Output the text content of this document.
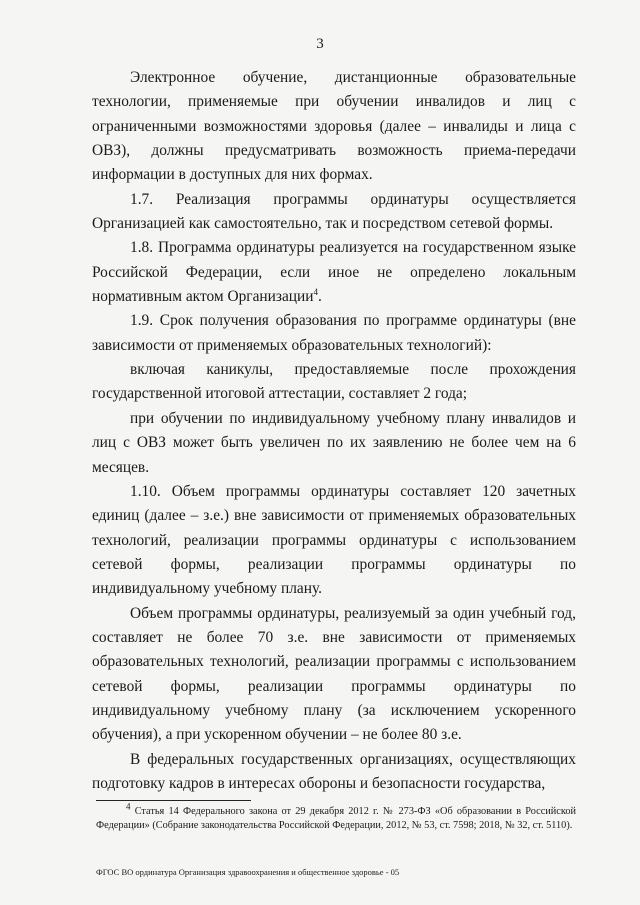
3

Электронное обучение, дистанционные образовательные технологии, применяемые при обучении инвалидов и лиц с ограниченными возможностями здоровья (далее – инвалиды и лица с ОВЗ), должны предусматривать возможность приема-передачи информации в доступных для них формах.

1.7. Реализация программы ординатуры осуществляется Организацией как самостоятельно, так и посредством сетевой формы.

1.8. Программа ординатуры реализуется на государственном языке Российской Федерации, если иное не определено локальным нормативным актом Организации$^4$.

1.9. Срок получения образования по программе ординатуры (вне зависимости от применяемых образовательных технологий):

включая каникулы, предоставляемые после прохождения государственной итоговой аттестации, составляет 2 года;

при обучении по индивидуальному учебному плану инвалидов и лиц с ОВЗ может быть увеличен по их заявлению не более чем на 6 месяцев.

1.10. Объем программы ординатуры составляет 120 зачетных единиц (далее – з.е.) вне зависимости от применяемых образовательных технологий, реализации программы ординатуры с использованием сетевой формы, реализации программы ординатуры по индивидуальному учебному плану.

Объем программы ординатуры, реализуемый за один учебный год, составляет не более 70 з.е. вне зависимости от применяемых образовательных технологий, реализации программы с использованием сетевой формы, реализации программы ординатуры по индивидуальному учебному плану (за исключением ускоренного обучения), а при ускоренном обучении – не более 80 з.е.

В федеральных государственных организациях, осуществляющих подготовку кадров в интересах обороны и безопасности государства,

$^4$ Статья 14 Федерального закона от 29 декабря 2012 г. № 273-ФЗ «Об образовании в Российской Федерации» (Собрание законодательства Российской Федерации, 2012, № 53, ст. 7598; 2018, № 32, ст. 5110).
ФГОС ВО ординатура Организация здравоохранения и общественное здоровье - 05
